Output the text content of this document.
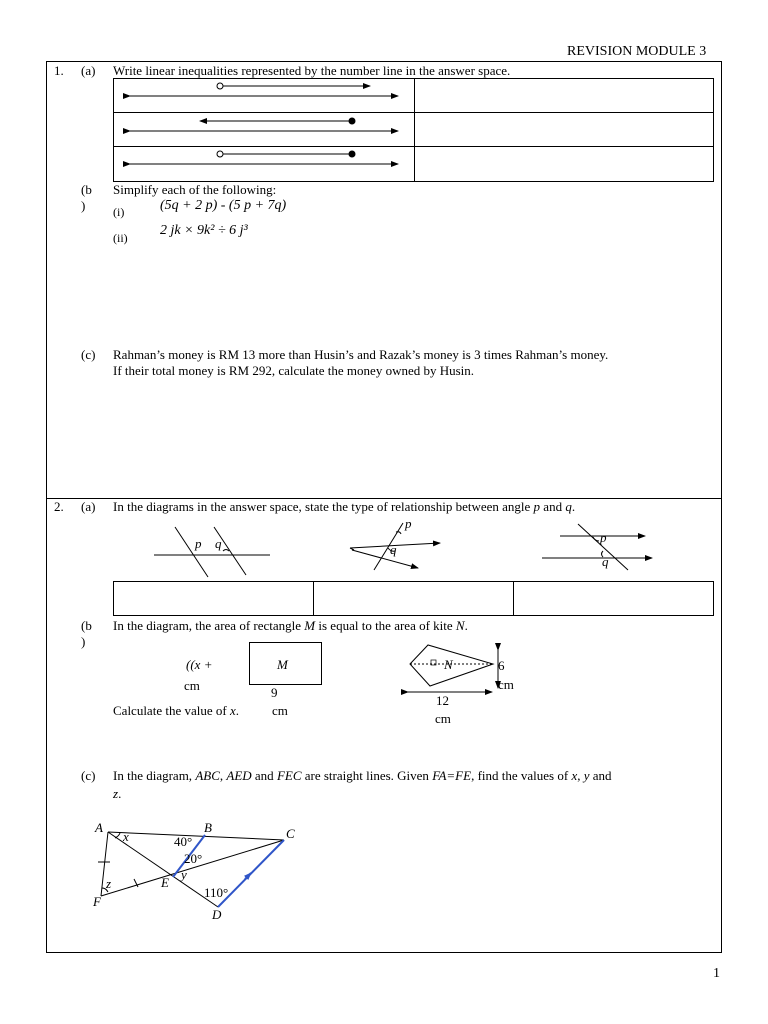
REVISION MODULE 3
1. (a) Write linear inequalities represented by the number line in the answer space.
(b
)
Simplify each of the following:
(i)	(5q + 2 p) - (5 p + 7q)
(ii) 2 jk × 9k² ÷ 6 j³
(c) Rahman’s money is RM 13 more than Husin’s and Razak’s money is 3 times Rahman’s money.
If their total money is RM 292, calculate the money owned by Husin.
2. (a) In the diagrams in the answer space, state the type of relationship between angle p and q.
p q
p
q
p
q
(b
)
In the diagram, the area of rectangle M is equal to the area of kite N.
((x +
cm
M
9
cm
Calculate the value of x.
N	6
cm
12
cm
(c) In the diagram, ABC, AED and FEC are straight lines. Given FA=FE, find the values of x, y and
z.
A	B	C
D
E
F
x	40°
20°
y
z
110°
1
